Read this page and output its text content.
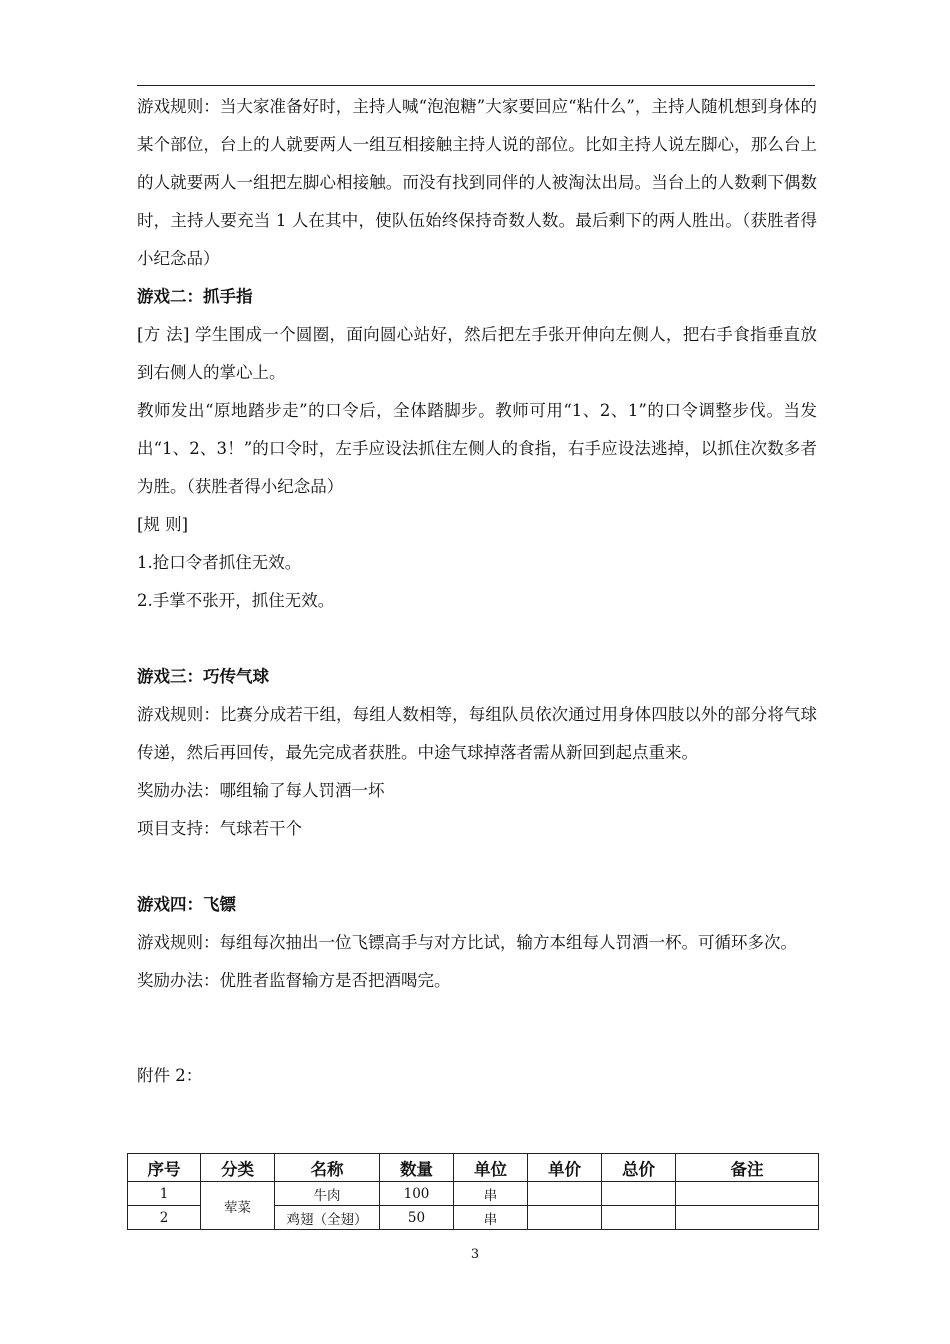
游戏规则：当大家准备好时，主持人喊“泡泡糖”大家要回应“粘什么”，主持人随机想到身体的某个部位，台上的人就要两人一组互相接触主持人说的部位。比如主持人说左脚心，那么台上的人就要两人一组把左脚心相接触。而没有找到同伴的人被淘汰出局。当台上的人数剩下偶数时，主持人要充当 1 人在其中，使队伍始终保持奇数人数。最后剩下的两人胜出。（获胜者得小纪念品）

游戏二：抓手指

[方 法] 学生围成一个圆圈，面向圆心站好，然后把左手张开伸向左侧人，把右手食指垂直放到右侧人的掌心上。

教师发出“原地踏步走”的口令后，全体踏脚步。教师可用“1、2、1”的口令调整步伐。当发出“1、2、3！”的口令时，左手应设法抓住左侧人的食指，右手应设法逃掉，以抓住次数多者为胜。（获胜者得小纪念品）

[规 则]

1.抢口令者抓住无效。

2.手掌不张开，抓住无效。

游戏三：巧传气球

游戏规则：比赛分成若干组，每组人数相等，每组队员依次通过用身体四肢以外的部分将气球传递，然后再回传，最先完成者获胜。中途气球掉落者需从新回到起点重来。

奖励办法：哪组输了每人罚酒一坏

项目支持：气球若干个

游戏四：飞镖

游戏规则：每组每次抽出一位飞镖高手与对方比试，输方本组每人罚酒一杯。可循环多次。

奖励办法：优胜者监督输方是否把酒喝完。

附件 2：

序号	分类	名称	数量	单位	单价	总价	备注
1	荤菜	牛肉	100	串			
2		鸡翅（全翅）	50	串			
3
